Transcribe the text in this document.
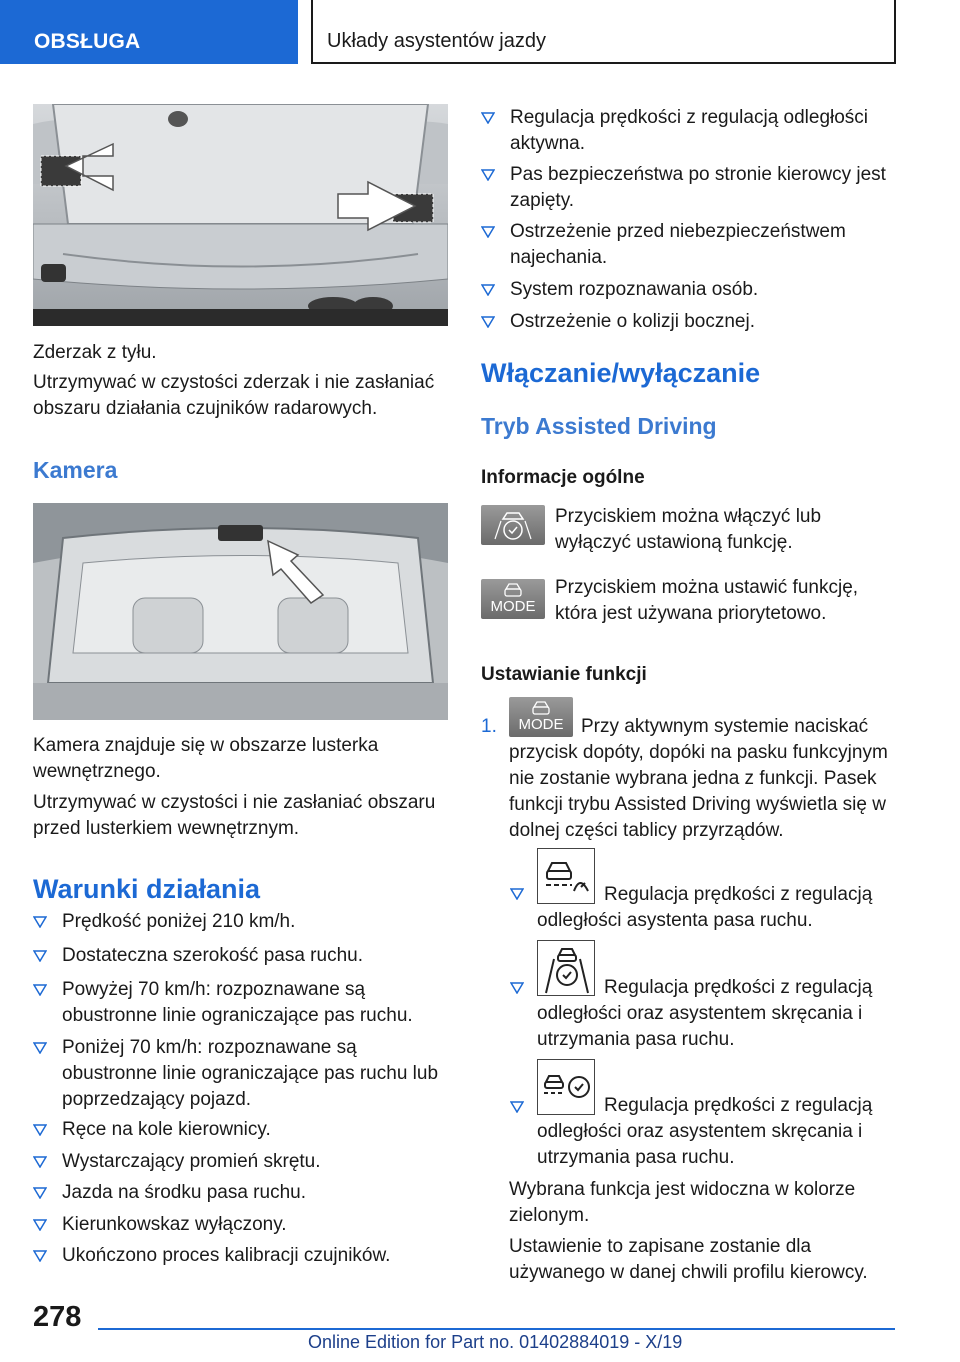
OBSŁUGA	Układy asystentów jazdy
Zderzak z tyłu.
Utrzymywać w czystości zderzak i nie zasłaniać obszaru działania czujników radarowych.
Kamera
Kamera znajduje się w obszarze lusterka wewnętrznego.
Utrzymywać w czystości i nie zasłaniać obszaru przed lusterkiem wewnętrznym.
Warunki działania
Prędkość poniżej 210 km/h.
Dostateczna szerokość pasa ruchu.
Powyżej 70 km/h: rozpoznawane są obustronne linie ograniczające pas ruchu.
Poniżej 70 km/h: rozpoznawane są obustronne linie ograniczające pas ruchu lub poprzedzający pojazd.
Ręce na kole kierownicy.
Wystarczający promień skrętu.
Jazda na środku pasa ruchu.
Kierunkowskaz wyłączony.
Ukończono proces kalibracji czujników.
Regulacja prędkości z regulacją odległości aktywna.
Pas bezpieczeństwa po stronie kierowcy jest zapięty.
Ostrzeżenie przed niebezpieczeństwem najechania.
System rozpoznawania osób.
Ostrzeżenie o kolizji bocznej.
Włączanie/wyłączanie
Tryb Assisted Driving
Informacje ogólne
Przyciskiem można włączyć lub wyłączyć ustawioną funkcję.
MODE
Przyciskiem można ustawić funkcję, która jest używana priorytetowo.
Ustawianie funkcji
1.	MODE Przy aktywnym systemie naciskać przycisk dopóty, dopóki na pasku funkcyjnym nie zostanie wybrana jedna z funkcji. Pasek funkcji trybu Assisted Driving wyświetla się w dolnej części tablicy przyrządów.
Regulacja prędkości z regulacją odległości asystenta pasa ruchu.
Regulacja prędkości z regulacją odległości oraz asystentem skręcania i utrzymania pasa ruchu.
Regulacja prędkości z regulacją odległości oraz asystentem skręcania i utrzymania pasa ruchu.
Wybrana funkcja jest widoczna w kolorze zielonym.
Ustawienie to zapisane zostanie dla używanego w danej chwili profilu kierowcy.
278
Online Edition for Part no. 01402884019 - X/19
